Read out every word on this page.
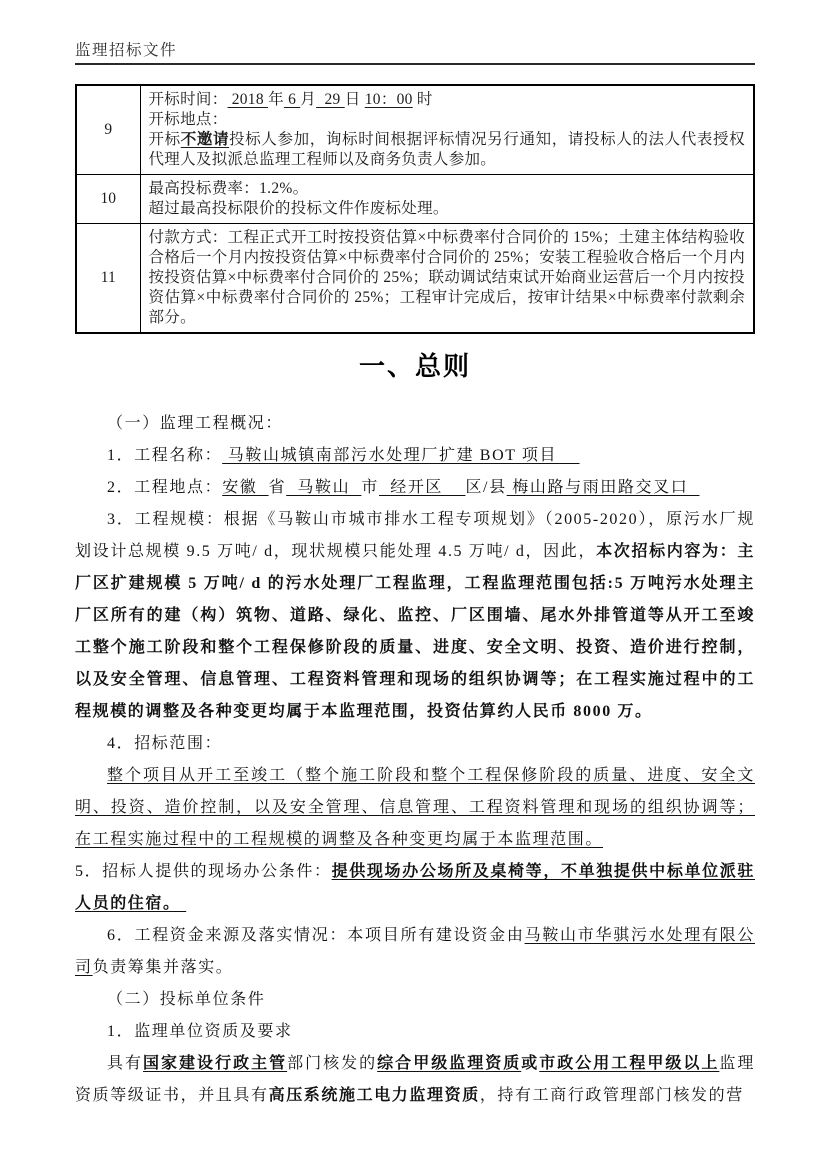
监理招标文件
9	开标时间： 2018 年 6 月  29 日 10：00 时

开标地点：

开标不邀请投标人参加，询标时间根据评标情况另行通知，请投标人的法人代表授权代理人及拟派总监理工程师以及商务负责人参加。

10	最高投标费率：1.2%。

超过最高投标限价的投标文件作废标处理。

11	付款方式：工程正式开工时按投资估算×中标费率付合同价的 15%；土建主体结构验收合格后一个月内按投资估算×中标费率付合同价的 25%；安装工程验收合格后一个月内按投资估算×中标费率付合同价的 25%；联动调试结束试开始商业运营后一个月内按投资估算×中标费率付合同价的 25%；工程审计完成后，按审计结果×中标费率付款剩余部分。

一、总则

（一）监理工程概况：

1．工程名称： 马鞍山城镇南部污水处理厂扩建 BOT 项目

2．工程地点：安徽  省  马鞍山  市  经开区    区/县 梅山路与雨田路交叉口

3．工程规模：根据《马鞍山市城市排水工程专项规划》（2005-2020），原污水厂规划设计总规模 9.5 万吨/ d，现状规模只能处理 4.5 万吨/ d，因此，本次招标内容为：主厂区扩建规模 5 万吨/ d 的污水处理厂工程监理，工程监理范围包括:5 万吨污水处理主厂区所有的建（构）筑物、道路、绿化、监控、厂区围墙、尾水外排管道等从开工至竣工整个施工阶段和整个工程保修阶段的质量、进度、安全文明、投资、造价进行控制，以及安全管理、信息管理、工程资料管理和现场的组织协调等；在工程实施过程中的工程规模的调整及各种变更均属于本监理范围，投资估算约人民币 8000 万。

4．招标范围：

整个项目从开工至竣工（整个施工阶段和整个工程保修阶段的质量、进度、安全文明、投资、造价控制，以及安全管理、信息管理、工程资料管理和现场的组织协调等；在工程实施过程中的工程规模的调整及各种变更均属于本监理范围。

5．招标人提供的现场办公条件：提供现场办公场所及桌椅等，不单独提供中标单位派驻人员的住宿。

6．工程资金来源及落实情况：本项目所有建设资金由马鞍山市华骐污水处理有限公司负责筹集并落实。

（二）投标单位条件

1．监理单位资质及要求

具有国家建设行政主管部门核发的综合甲级监理资质或市政公用工程甲级以上监理资质等级证书，并且具有高压系统施工电力监理资质，持有工商行政管理部门核发的营
